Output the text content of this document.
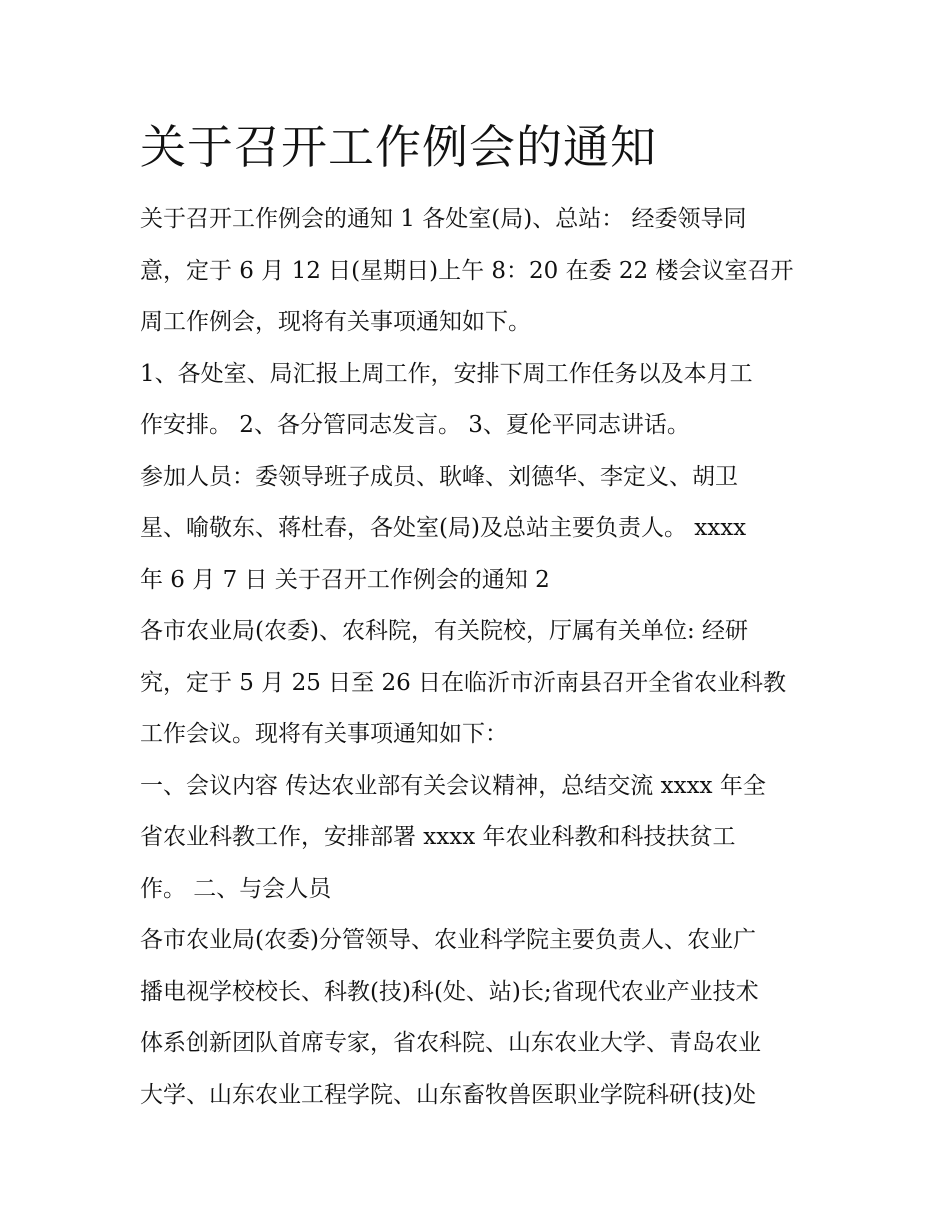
关于召开工作例会的通知

关于召开工作例会的通知 1 各处室(局)、总站： 经委领导同

意，定于 6 月 12 日(星期日)上午 8：20 在委 22 楼会议室召开

周工作例会，现将有关事项通知如下。

1、各处室、局汇报上周工作，安排下周工作任务以及本月工

作安排。 2、各分管同志发言。 3、夏伦平同志讲话。

参加人员：委领导班子成员、耿峰、刘德华、李定义、胡卫

星、喻敬东、蒋杜春，各处室(局)及总站主要负责人。 xxxx

年 6 月 7 日 关于召开工作例会的通知 2

各市农业局(农委)、农科院，有关院校，厅属有关单位: 经研

究，定于 5 月 25 日至 26 日在临沂市沂南县召开全省农业科教

工作会议。现将有关事项通知如下：

一、会议内容 传达农业部有关会议精神，总结交流 xxxx 年全

省农业科教工作，安排部署 xxxx 年农业科教和科技扶贫工

作。 二、与会人员

各市农业局(农委)分管领导、农业科学院主要负责人、农业广

播电视学校校长、科教(技)科(处、站)长;省现代农业产业技术

体系创新团队首席专家，省农科院、山东农业大学、青岛农业

大学、山东农业工程学院、山东畜牧兽医职业学院科研(技)处
